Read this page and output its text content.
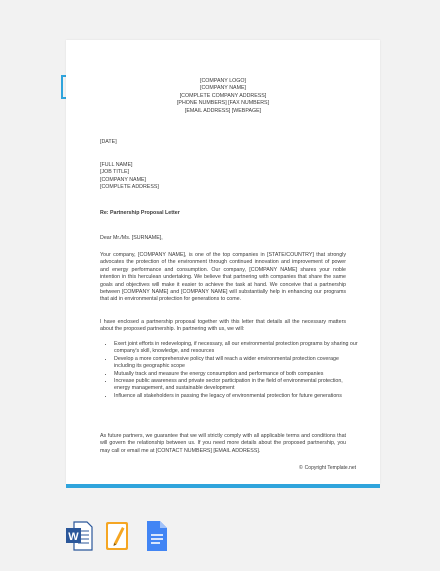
[COMPANY LOGO]
[COMPANY NAME]
[COMPLETE COMPANY ADDRESS]
[PHONE NUMBERS] [FAX NUMBERS]
[EMAIL ADDRESS] [WEBPAGE]
[DATE]
[FULL NAME]
[JOB TITLE]
[COMPANY NAME]
[COMPLETE ADDRESS]
Re: Partnership Proposal Letter
Dear Mr./Ms. [SURNAME],
Your company, [COMPANY NAME], is one of the top companies in [STATE/COUNTRY] that strongly advocates the protection of the environment through continued innovation and improvement of power and energy performance and consumption. Our company, [COMPANY NAME] shares your noble intention in this herculean undertaking. We believe that partnering with companies that share the same goals and objectives will make it easier to achieve the task at hand. We conceive that a partnership between [COMPANY NAME] and [COMPANY NAME] will substantially help in enhancing our programs that aid in environmental protection for generations to come.
I have enclosed a partnership proposal together with this letter that details all the necessary matters about the proposed partnership. In partnering with us, we will:
• Exert joint efforts in redeveloping, if necessary, all our environmental protection programs by sharing our company's skill, knowledge, and resources
• Develop a more comprehensive policy that will reach a wider environmental protection coverage including its geographic scope
• Mutually track and measure the energy consumption and performance of both companies
• Increase public awareness and private sector participation in the field of environmental protection, energy management, and sustainable development
• Influence all stakeholders in passing the legacy of environmental protection for future generations
As future partners, we guarantee that we will strictly comply with all applicable terms and conditions that will govern the relationship between us. If you need more details about the proposed partnership, you may call or email me at [CONTACT NUMBERS] [EMAIL ADDRESS].
© Copyright Template.net
W
